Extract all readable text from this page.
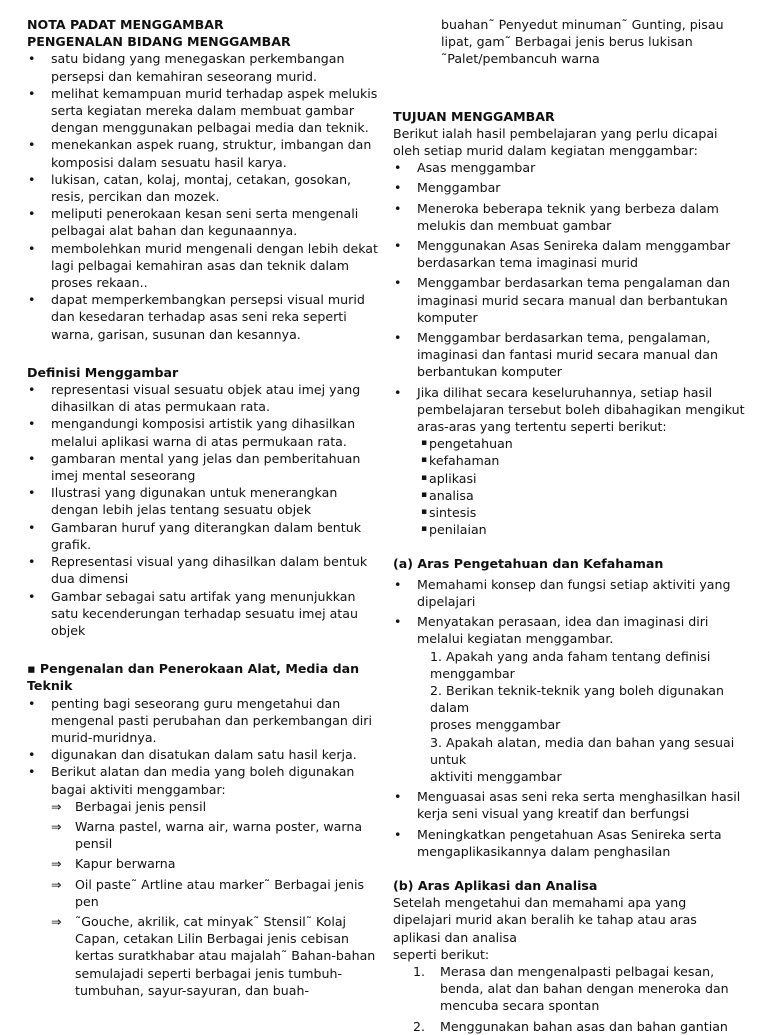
NOTA PADAT MENGGAMBAR
PENGENALAN BIDANG MENGGAMBAR
• satu bidang yang menegaskan perkembangan persepsi dan kemahiran seseorang murid.
• melihat kemampuan murid terhadap aspek melukis serta kegiatan mereka dalam membuat gambar dengan menggunakan pelbagai media dan teknik.
• menekankan aspek ruang, struktur, imbangan dan komposisi dalam sesuatu hasil karya.
• lukisan, catan, kolaj, montaj, cetakan, gosokan, resis, percikan dan mozek.
• meliputi penerokaan kesan seni serta mengenali pelbagai alat bahan dan kegunaannya.
• membolehkan murid mengenali dengan lebih dekat lagi pelbagai kemahiran asas dan teknik dalam proses rekaan..
• dapat memperkembangkan persepsi visual murid dan kesedaran terhadap asas seni reka seperti warna, garisan, susunan dan kesannya.
Definisi Menggambar
• representasi visual sesuatu objek atau imej yang dihasilkan di atas permukaan rata.
• mengandungi komposisi artistik yang dihasilkan melalui aplikasi warna di atas permukaan rata.
• gambaran mental yang jelas dan pemberitahuan imej mental seseorang
• Ilustrasi yang digunakan untuk menerangkan dengan lebih jelas tentang sesuatu objek
• Gambaran huruf yang diterangkan dalam bentuk grafik.
• Representasi visual yang dihasilkan dalam bentuk dua dimensi
• Gambar sebagai satu artifak yang menunjukkan satu kecenderungan terhadap sesuatu imej atau objek
▪ Pengenalan dan Penerokaan Alat, Media dan Teknik
• penting bagi seseorang guru mengetahui dan mengenal pasti perubahan dan perkembangan diri murid-muridnya.
• digunakan dan disatukan dalam satu hasil kerja.
• Berikut alatan dan media yang boleh digunakan bagai aktiviti menggambar:
⇒ Berbagai jenis pensil
⇒ Warna pastel, warna air, warna poster, warna pensil
⇒ Kapur berwarna
⇒ Oil paste˜ Artline atau marker˜ Berbagai jenis pen
⇒ ˜Gouche, akrilik, cat minyak˜ Stensil˜ Kolaj Capan, cetakan Lilin Berbagai jenis cebisan kertas suratkhabar atau majalah˜ Bahan-bahan semulajadi seperti berbagai jenis tumbuh-tumbuhan, sayur-sayuran, dan buah-
buahan˜ Penyedut minuman˜ Gunting, pisau lipat, gam˜ Berbagai jenis berus lukisan ˜Palet/pembancuh warna
TUJUAN MENGGAMBAR
Berikut ialah hasil pembelajaran yang perlu dicapai oleh setiap murid dalam kegiatan menggambar:
• Asas menggambar
• Menggambar
• Meneroka beberapa teknik yang berbeza dalam melukis dan membuat gambar
• Menggunakan Asas Senireka dalam menggambar berdasarkan tema imaginasi murid
• Menggambar berdasarkan tema pengalaman dan imaginasi murid secara manual dan berbantukan komputer
• Menggambar berdasarkan tema, pengalaman, imaginasi dan fantasi murid secara manual dan berbantukan komputer
• Jika dilihat secara keseluruhannya, setiap hasil pembelajaran tersebut boleh dibahagikan mengikut aras-aras yang tertentu seperti berikut:
▪ pengetahuan
▪ kefahaman
▪ aplikasi
▪ analisa
▪ sintesis
▪ penilaian
(a) Aras Pengetahuan dan Kefahaman
• Memahami konsep dan fungsi setiap aktiviti yang dipelajari
• Menyatakan perasaan, idea dan imaginasi diri melalui kegiatan menggambar.
1. Apakah yang anda faham tentang definisi menggambar
2. Berikan teknik-teknik yang boleh digunakan dalam
proses menggambar
3. Apakah alatan, media dan bahan yang sesuai untuk
aktiviti menggambar
• Menguasai asas seni reka serta menghasilkan hasil kerja seni visual yang kreatif dan berfungsi
• Meningkatkan pengetahuan Asas Senireka serta mengaplikasikannya dalam penghasilan
(b) Aras Aplikasi dan Analisa
Setelah mengetahui dan memahami apa yang dipelajari murid akan beralih ke tahap atau aras aplikasi dan analisa
seperti berikut:
1. Merasa dan mengenalpasti pelbagai kesan, benda, alat dan bahan dengan meneroka dan mencuba secara spontan
2. Menggunakan bahan asas dan bahan gantian
